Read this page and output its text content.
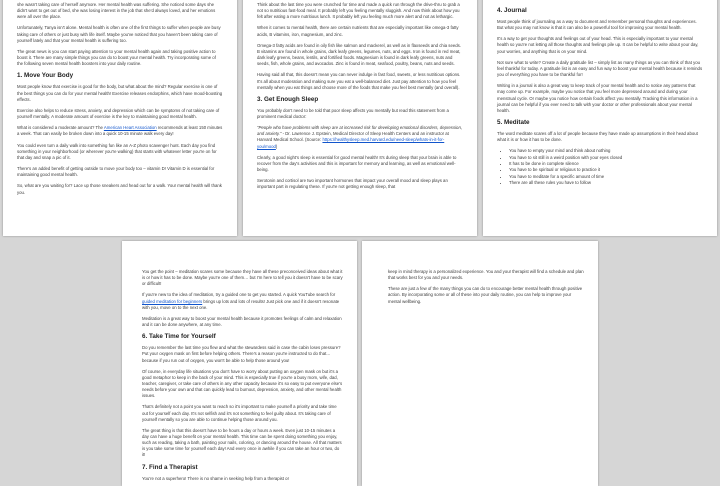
she wasn't taking care of herself anymore. Her mental health was suffering. She noticed some days she didn't want to get out of bed, she was losing interest in the job that she'd always loved, and her emotions were all over the place.

Unfortunately, Tanya isn't alone. Mental health is often one of the first things to suffer when people are busy taking care of others or just busy with life itself. Maybe you've noticed that you haven't been taking care of yourself lately and that your mental health is suffering too.

The great news is you can start paying attention to your mental health again and taking positive action to boost it. There are many simple things you can do to boost your mental health. Try incorporating some of the following seven mental health boosters into your daily routine.

1. Move Your Body

Most people know that exercise is good for the body, but what about the mind? Regular exercise is one of the best things you can do for your mental health! Exercise releases endorphins, which have mood-boosting effects.

Exercise also helps to reduce stress, anxiety, and depression which can be symptoms of not taking care of yourself mentally. A moderate amount of exercise is the key to maintaining good mental health.

What is considered a moderate amount? The American Heart Association recommends at least 150 minutes a week. That can easily be broken down into a quick 10-15 minute walk every day!

You could even turn a daily walk into something fun like an A-Z photo scavenger hunt. Each day you find something in your neighborhood (or wherever you're walking) that starts with whatever letter you're on for that day and snap a pic of it.

There's an added benefit of getting outside to move your body too – vitamin D! Vitamin D is essential for maintaining good mental health.

So, what are you waiting for? Lace up those sneakers and head out for a walk. Your mental health will thank you.

Think about the last time you were crunched for time and made a quick run through the drive-thru to grab a not so nutritious fast-food meal. It probably left you feeling mentally sluggish. And now think about how you felt after eating a more nutritious lunch. It probably left you feeling much more alert and not as lethargic.

When it comes to mental health, there are certain nutrients that are especially important like omega-3 fatty acids, B vitamins, iron, magnesium, and zinc.

Omega-3 fatty acids are found in oily fish like salmon and mackerel, as well as in flaxseeds and chia seeds. B vitamins are found in whole grains, dark leafy greens, legumes, nuts, and eggs. Iron is found in red meat, dark leafy greens, beans, lentils, and fortified foods. Magnesium is found in dark leafy greens, nuts and seeds, fish, whole grains, and avocados. Zinc is found in meat, seafood, poultry, beans, nuts and seeds.

Having said all that, this doesn't mean you can never indulge in fast food, sweets, or less nutritious options. It's all about moderation and making sure you eat a well-balanced diet. Just pay attention to how you feel mentally when you eat things and choose more of the foods that make you feel best mentally (and overall).

3. Get Enough Sleep

You probably don't need to be told that poor sleep affects you mentally but read this statement from a prominent medical doctor:

"People who have problems with sleep are at increased risk for developing emotional disorders, depression, and anxiety." - Dr. Lawrence J. Epstein, Medical Director of Sleep Health Centers and an instructor at Harvard Medical School. (Source: https://healthysleep.med.harvard.edu/need-sleep/whats-in-it-for-you/mood)

Clearly, a good night's sleep is essential for good mental health! It's during sleep that your brain is able to recover from the day's activities and this is important for memory and learning, as well as emotional well-being.

Serotonin and cortisol are two important hormones that impact your overall mood and sleep plays an important part in regulating these. If you're not getting enough sleep, that

4. Journal

Most people think of journaling as a way to document and remember personal thoughts and experiences. But what you may not know is that it can also be a powerful tool for improving your mental health.

It's a way to get your thoughts and feelings out of your head. This is especially important to your mental health so you're not letting all those thoughts and feelings pile up. It can be helpful to write about your day, your worries, and anything that is on your mind.

Not sure what to write? Create a daily gratitude list – simply list as many things as you can think of that you feel thankful for today. A gratitude list is an easy and fun way to boost your mental health because it reminds you of everything you have to be thankful for!

Writing in a journal is also a great way to keep track of your mental health and to notice any patterns that may come up. For example, maybe you notice that you feel more depressed around and during your menstrual cycle. Or maybe you notice how certain foods affect you mentally. Tracking this information in a journal can be helpful if you ever need to talk with your doctor or other professionals about your mental health.

5. Meditate

The word meditate scares off a lot of people because they have made up assumptions in their head about what it is or how it has to be done.

• You have to empty your mind and think about nothing
• You have to sit still in a weird position with your eyes closed
• It has to be done in complete silence
• You have to be spiritual or religious to practice it
• You have to meditate for a specific amount of time
• There are all these rules you have to follow

You get the point – meditation scares some because they have all these preconceived ideas about what it is or how it has to be done. Maybe you're one of them… but I'm here to tell you it doesn't have to be scary or difficult!

If you're new to the idea of meditation, try a guided one to get you started. A quick YouTube search for guided meditation for beginners brings up lots and lots of results! Just pick one and if it doesn't resonate with you, move on to the next one.

Meditation is a great way to boost your mental health because it promotes feelings of calm and relaxation and it can be done anywhere, at any time.

6. Take Time for Yourself

Do you remember the last time you flew and what the stewardess said in case the cabin loses pressure? Put your oxygen mask on first before helping others. There's a reason you're instructed to do that… because if you run out of oxygen, you won't be able to help those around you!

Of course, in everyday life situations you don't have to worry about putting an oxygen mask on but it's a good metaphor to keep in the back of your mind. This is especially true if you're a busy mom, wife, dad, teacher, caregiver, or take care of others in any other capacity because it's so easy to put everyone else's needs before your own and that can quickly lead to burnout, depression, anxiety, and other mental health issues.

That's definitely not a point you want to reach so it's important to make yourself a priority and take time out for yourself each day. It's not selfish and it's not something to feel guilty about. It's taking care of yourself mentally so you are able to continue helping those around you.

The great thing is that this doesn't have to be hours a day or hours a week. Even just 10-15 minutes a day can have a huge benefit on your mental health. This time can be spent doing something you enjoy, such as reading, taking a bath, painting your nails, coloring, or dancing around the house. All that matters is you take some time for yourself each day! And every once in awhile if you can take an hour or two, do it!

7. Find a Therapist

You're not a superhero! There is no shame in seeking help from a therapist or

keep in mind therapy is a personalized experience. You and your therapist will find a schedule and plan that works best for you and your needs.

These are just a few of the many things you can do to encourage better mental health through positive action. By incorporating some or all of these into your daily routine, you can help to improve your mental wellbeing.
